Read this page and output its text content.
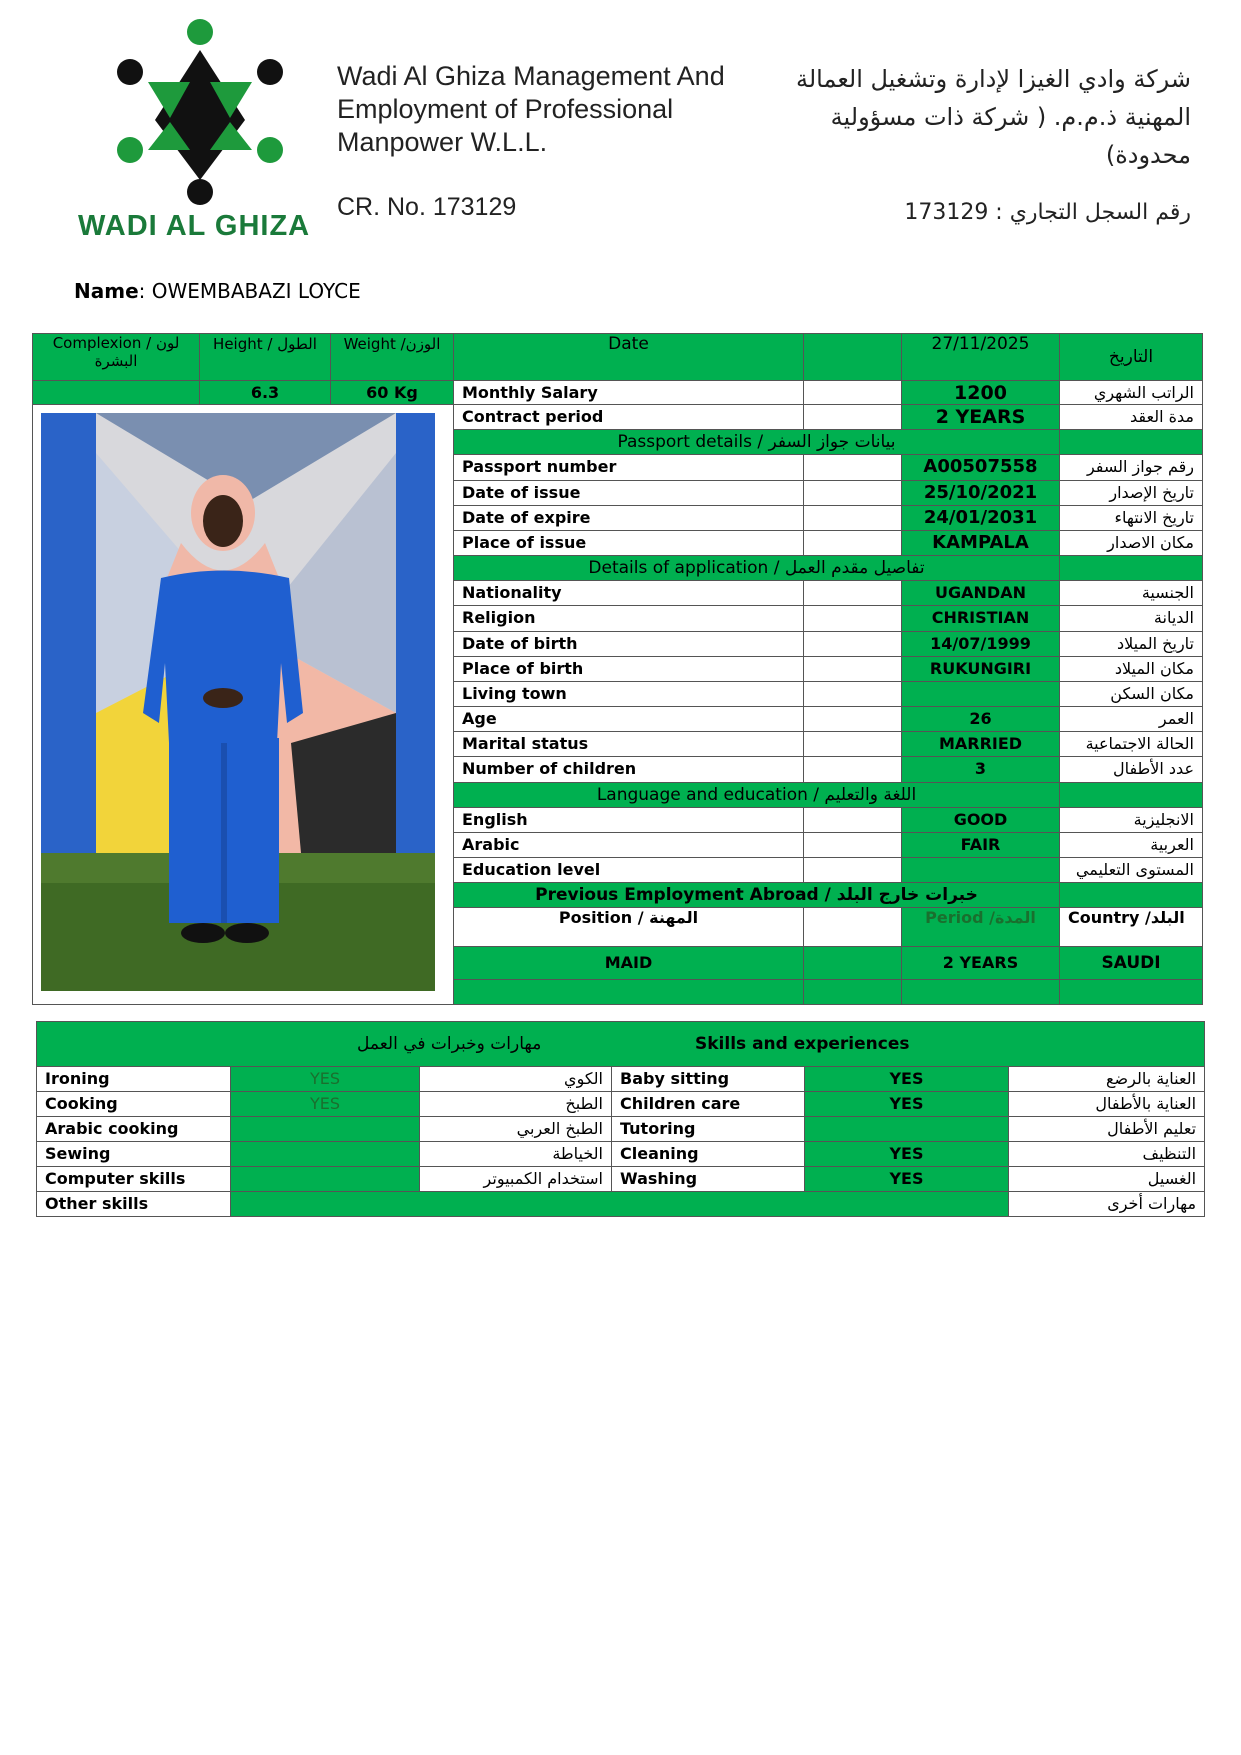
WADI AL GHIZA
Wadi Al Ghiza Management And
Employment of Professional
Manpower W.L.L.
CR. No. 173129
شركة وادي الغيزا لإدارة وتشغيل العمالة
المهنية ذ.م.م. ( شركة ذات مسؤولية
محدودة)
رقم السجل التجاري : 173129
Name: OWEMBABAZI LOYCE
Complexion / لون البشرة	Height / الطول	Weight /الوزن	Date		27/11/2025	التاريخ
	6.3	60 Kg	Monthly Salary		1200	الراتب الشهري
	Contract period		2 YEARS	مدة العقد
			Passport details / بيانات جواز السفر			
			Passport number		A00507558	رقم جواز السفر
			Date of issue		25/10/2021	تاريخ الإصدار
			Date of expire		24/01/2031	تاريخ الانتهاء
			Place of issue		KAMPALA	مكان الاصدار
			Details of application / تفاصيل مقدم العمل			
			Nationality		UGANDAN	الجنسية
			Religion		CHRISTIAN	الديانة
			Date of birth		14/07/1999	تاريخ الميلاد
			Place of birth		RUKUNGIRI	مكان الميلاد
			Living town			مكان السكن
			Age		26	العمر
			Marital status		MARRIED	الحالة الاجتماعية
			Number of children		3	عدد الأطفال
			Language and education / اللغة والتعليم			
			English		GOOD	الانجليزية
			Arabic		FAIR	العربية
			Education level			المستوى التعليمي
			Previous Employment Abroad / خبرات خارج البلد			
			Position / المهنة		Period /المدة	Country /البلد
			MAID		2 YEARS	SAUDI

مهارات وخبرات في العمل Skills and experiences					

Ironing	YES	الكوي	Baby sitting	YES	العناية بالرضع
Cooking	YES	الطبخ	Children care	YES	العناية بالأطفال
Arabic cooking		الطبخ العربي	Tutoring		تعليم الأطفال
Sewing		الخياطة	Cleaning	YES	التنظيف
Computer skills		استخدام الكمبيوتر	Washing	YES	الغسيل
Other skills					مهارات أخرى
